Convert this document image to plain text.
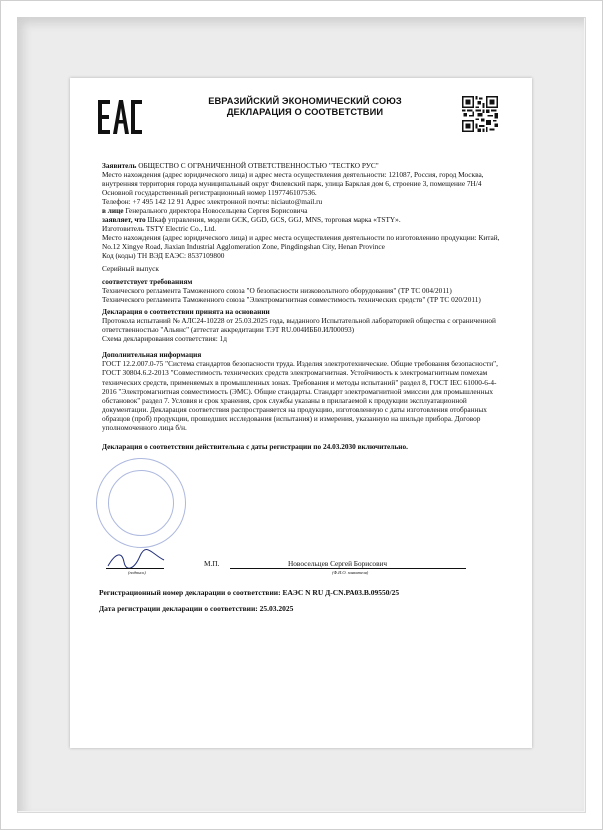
ЕВРАЗИЙСКИЙ ЭКОНОМИЧЕСКИЙ СОЮЗ
ДЕКЛАРАЦИЯ О СООТВЕТСТВИИ

Заявитель ОБЩЕСТВО С ОГРАНИЧЕННОЙ ОТВЕТСТВЕННОСТЬЮ "ТЕСТКО РУС"

Место нахождения (адрес юридического лица) и адрес места осуществления деятельности: 121087, Россия, город Москва, внутренняя территория города муниципальный округ Филевский парк, улица Барклая дом 6, строение 3, помещение 7Н/4

Основной государственный регистрационный номер 1197746107536.

Телефон: +7 495 142 12 91 Адрес электронной почты: nicia​uto@mail.ru

в лице Генерального директора Новосельцева Сергея Борисовича

заявляет, что Шкаф управления, модели GCK, GGD, GCS, GGJ, MNS, торговая марка «TSTY».

Изготовитель TSTY Electric Co., Ltd.

Место нахождения (адрес юридического лица) и адрес места осуществления деятельности по изготовлению продукции: Китай, No.12 Xingye Road, Jiaxian Industrial Agglomeration Zone, Pingdingshan City, Henan Province

Код (коды) ТН ВЭД ЕАЭС: 8537109800

Серийный выпуск

соответствует требованиям

Технического регламента Таможенного союза "О безопасности низковольтного оборудования" (ТР ТС 004/2011)

Технического регламента Таможенного союза "Электромагнитная совместимость технических средств" (ТР ТС 020/2011)

Декларация о соответствии принята на основании

Протокола испытаний № АЛС24-10228 от 25.03.2025 года, выданного Испытательной лабораторией общества с ограниченной ответственностью "Альянс" (аттестат аккредитации ТЭТ RU.004ИББ0.ИЛ00093)

Схема декларирования соответствия: 1д

Дополнительная информация

ГОСТ 12.2.007.0-75 "Система стандартов безопасности труда. Изделия электротехнические. Общие требования безопасности", ГОСТ 30804.6.2-2013 "Совместимость технических средств электромагнитная. Устойчивость к электромагнитным помехам технических средств, применяемых в промышленных зонах. Требования и методы испытаний" раздел 8, ГОСТ IEC 61000-6-4-2016 "Электромагнитная совместимость (ЭМС). Общие стандарты. Стандарт электромагнитной эмиссии для промышленных обстановок" раздел 7. Условия и срок хранения, срок службы указаны в прилагаемой к продукции эксплуатационной документации. Декларация соответствия распространяется на продукцию, изготовленную с даты изготовления отобранных образцов (проб) продукции, прошедших исследования (испытания) и измерения, указанную на шильде прибора. Договор уполномоченного лица б/н.

Декларация о соответствии действительна с даты регистрации по 24.03.2030 включительно.

(подпись)
М.П.	Новосельцев Сергей Борисович
(Ф.И.О. заявителя)
Регистрационный номер декларации о соответствии: ЕАЭС N RU Д-CN.РА03.В.09550/25
Дата регистрации декларации о соответствии: 25.03.2025
